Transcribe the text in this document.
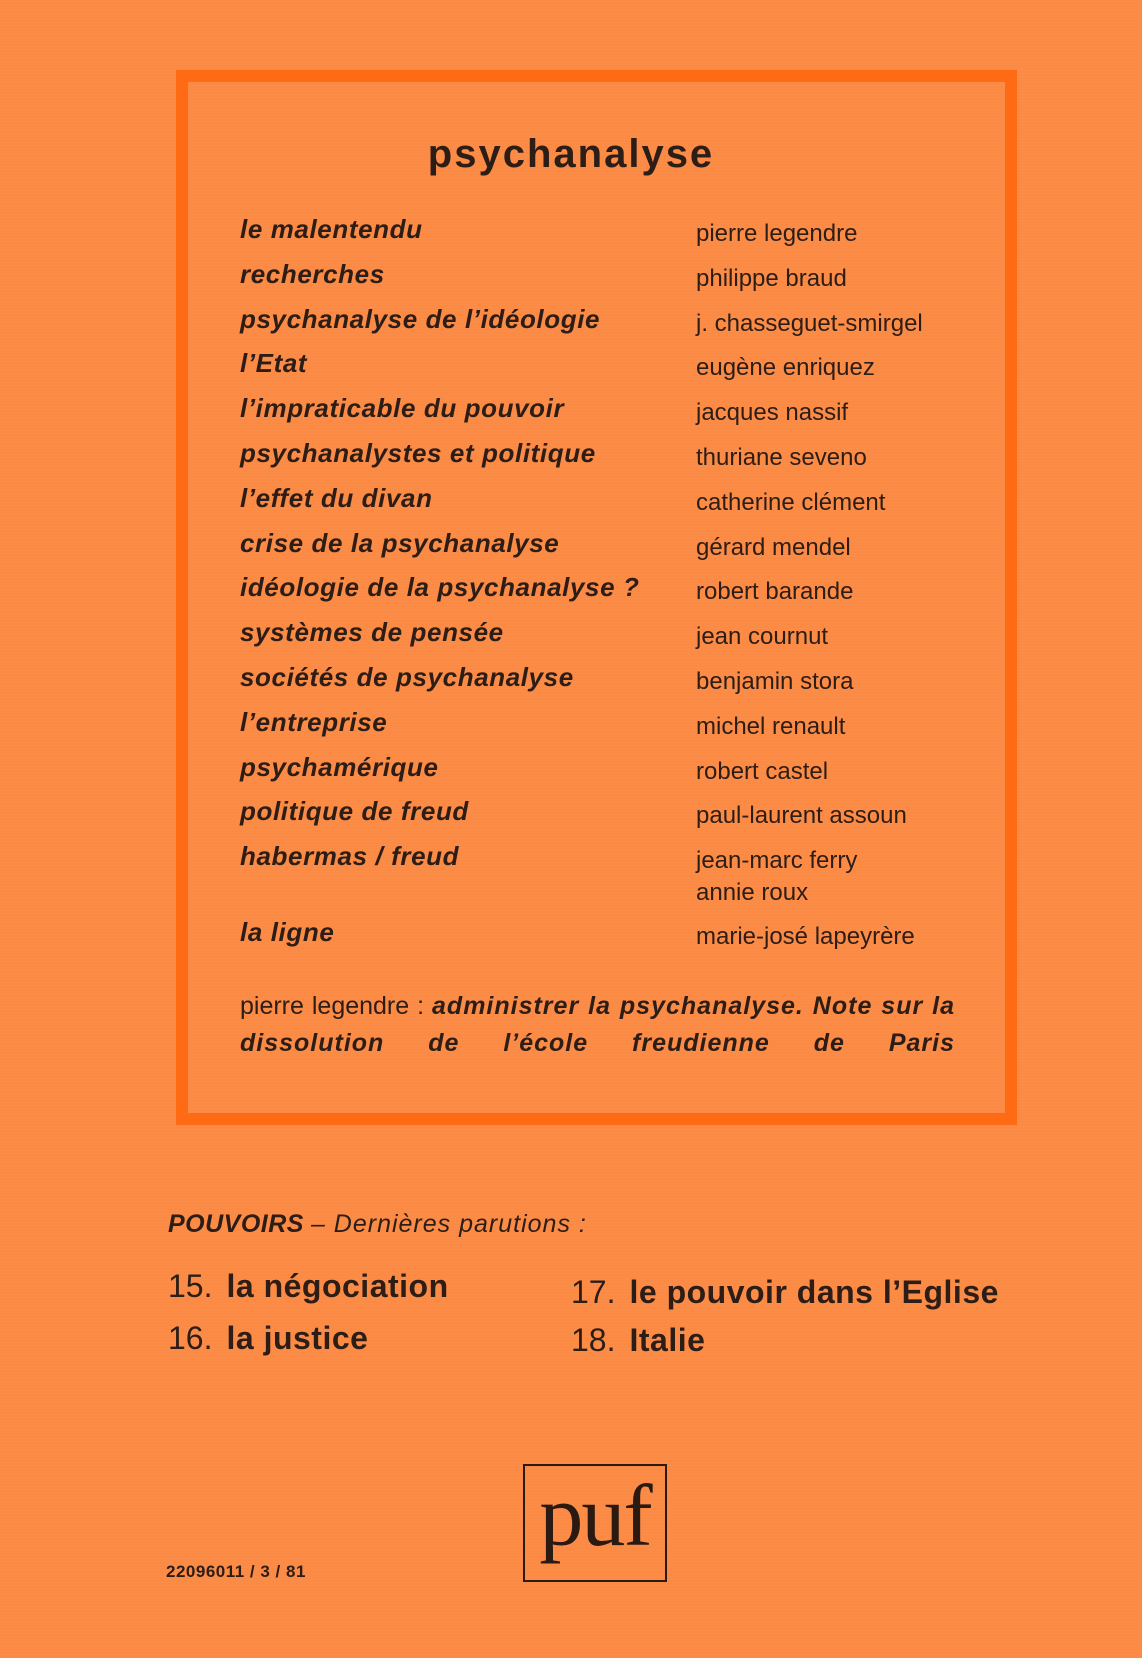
psychanalyse
le malentendu	pierre legendre
recherches	philippe braud
psychanalyse de l’idéologie	j. chasseguet-smirgel
l’Etat	eugène enriquez
l’impraticable du pouvoir	jacques nassif
psychanalystes et politique	thuriane seveno
l’effet du divan	catherine clément
crise de la psychanalyse	gérard mendel
idéologie de la psychanalyse ? robert barande
systèmes de pensée	jean cournut
sociétés de psychanalyse	benjamin stora
l’entreprise	michel renault
psychamérique	robert castel
politique de freud	paul-laurent assoun
habermas / freud	jean-marc ferry
annie roux
la ligne	marie-josé lapeyrère
pierre legendre : administrer la psychanalyse. Note sur la dissolution de l’école freudienne de Paris
POUVOIRS – Dernières parutions :
15. la négociation
16. la justice
17. le pouvoir dans l’Eglise
18. Italie
puf
22096011 / 3 / 81
